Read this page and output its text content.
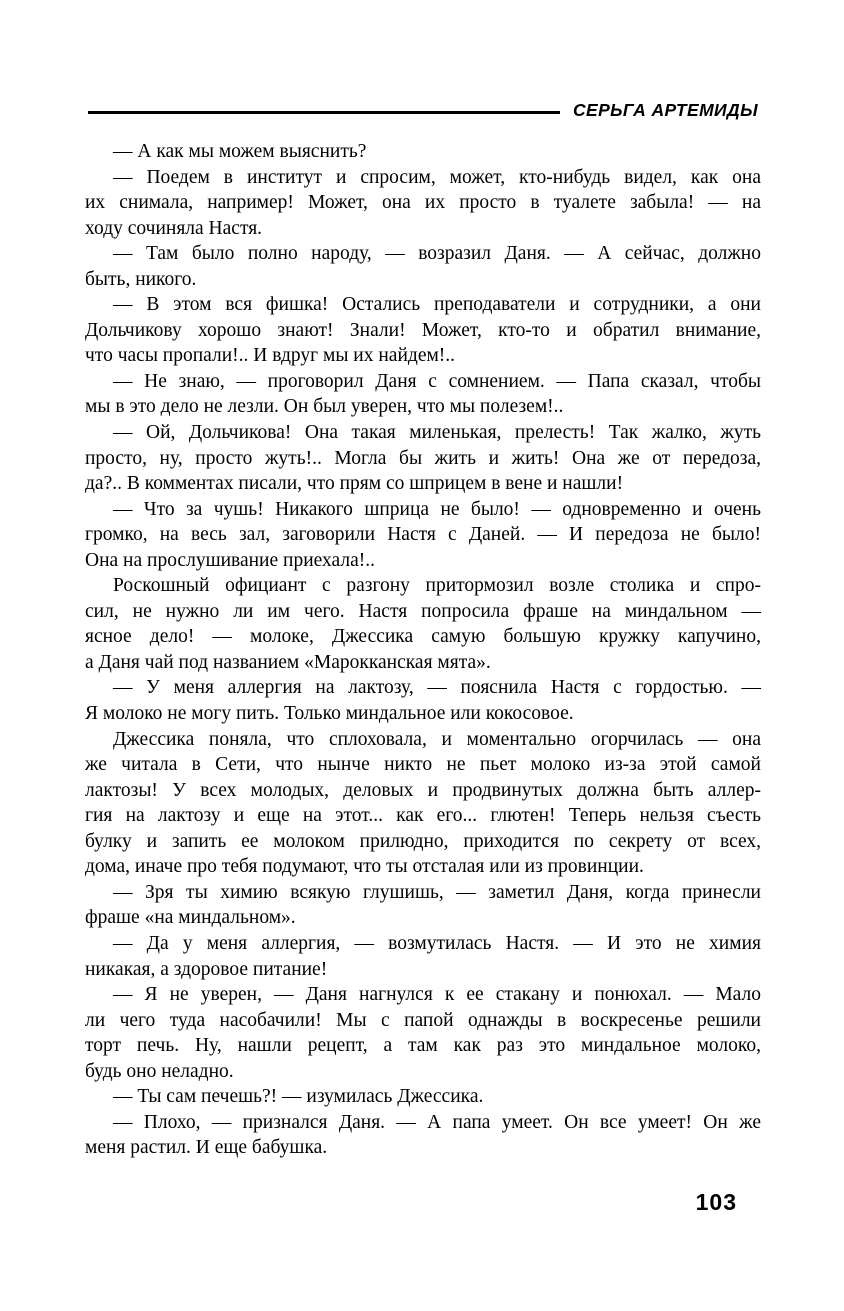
СЕРЬГА АРТЕМИДЫ
— А как мы можем выяснить?
— Поедем в институт и спросим, может, кто-нибудь видел, как она
их снимала, например! Может, она их просто в туалете забыла! — на
ходу сочиняла Настя.
— Там было полно народу, — возразил Даня. — А сейчас, должно
быть, никого.
— В этом вся фишка! Остались преподаватели и сотрудники, а они
Дольчикову хорошо знают! Знали! Может, кто-то и обратил внимание,
что часы пропали!.. И вдруг мы их найдем!..
— Не знаю, — проговорил Даня с сомнением. — Папа сказал, чтобы
мы в это дело не лезли. Он был уверен, что мы полезем!..
— Ой, Дольчикова! Она такая миленькая, прелесть! Так жалко, жуть
просто, ну, просто жуть!.. Могла бы жить и жить! Она же от передоза,
да?.. В комментах писали, что прям со шприцем в вене и нашли!
— Что за чушь! Никакого шприца не было! — одновременно и очень
громко, на весь зал, заговорили Настя с Даней. — И передоза не было!
Она на прослушивание приехала!..
Роскошный официант с разгону притормозил возле столика и спро-
сил, не нужно ли им чего. Настя попросила фраше на миндальном —
ясное дело! — молоке, Джессика самую большую кружку капучино,
а Даня чай под названием «Марокканская мята».
— У меня аллергия на лактозу, — пояснила Настя с гордостью. —
Я молоко не могу пить. Только миндальное или кокосовое.
Джессика поняла, что сплоховала, и моментально огорчилась — она
же читала в Сети, что нынче никто не пьет молоко из-за этой самой
лактозы! У всех молодых, деловых и продвинутых должна быть аллер-
гия на лактозу и еще на этот... как его... глютен! Теперь нельзя съесть
булку и запить ее молоком прилюдно, приходится по секрету от всех,
дома, иначе про тебя подумают, что ты отсталая или из провинции.
— Зря ты химию всякую глушишь, — заметил Даня, когда принесли
фраше «на миндальном».
— Да у меня аллергия, — возмутилась Настя. — И это не химия
никакая, а здоровое питание!
— Я не уверен, — Даня нагнулся к ее стакану и понюхал. — Мало
ли чего туда насобачили! Мы с папой однажды в воскресенье решили
торт печь. Ну, нашли рецепт, а там как раз это миндальное молоко,
будь оно неладно.
— Ты сам печешь?! — изумилась Джессика.
— Плохо, — признался Даня. — А папа умеет. Он все умеет! Он же
меня растил. И еще бабушка.
103
